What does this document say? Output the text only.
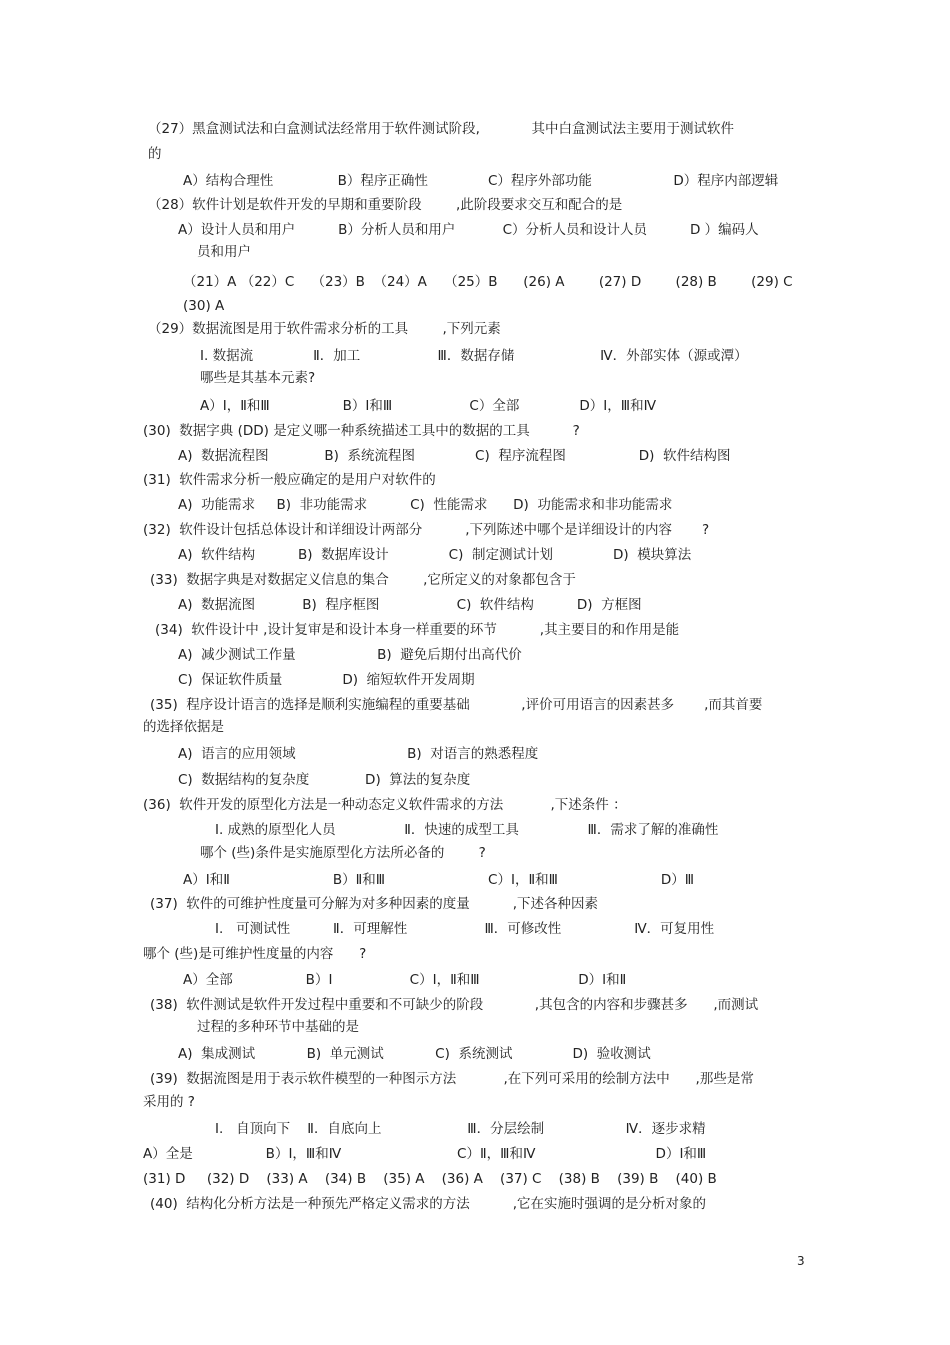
（27）黑盒测试法和白盒测试法经常用于软件测试阶段,            其中白盒测试法主要用于测试软件
的
A）结构合理性               B）程序正确性              C）程序外部功能                   D）程序内部逻辑
（28）软件计划是软件开发的早期和重要阶段        ,此阶段要求交互和配合的是
A）设计人员和用户          B）分析人员和用户           C）分析人员和设计人员          D ）编码人
员和用户
（21）A （22）C    （23）B  （24）A    （25）B      (26) A        (27) D        (28) B        (29) C
(30) A
（29）数据流图是用于软件需求分析的工具        ,下列元素
I. 数据流              Ⅱ．加工                  Ⅲ．数据存储                    Ⅳ．外部实体（源或潭）
哪些是其基本元素?
A）Ⅰ，Ⅱ和Ⅲ                 B）Ⅰ和Ⅲ                  C）全部              D）Ⅰ，Ⅲ和Ⅳ
(30)  数据字典 (DD) 是定义哪一种系统描述工具中的数据的工具          ?
A)  数据流程图             B)  系统流程图              C)  程序流程图                 D)  软件结构图
(31)  软件需求分析一般应确定的是用户对软件的
A)  功能需求     B)  非功能需求          C)  性能需求      D)  功能需求和非功能需求
(32)  软件设计包括总体设计和详细设计两部分          ,下列陈述中哪个是详细设计的内容       ?
A)  软件结构          B)  数据库设计              C)  制定测试计划              D)  模块算法
(33)  数据字典是对数据定义信息的集合        ,它所定义的对象都包含于
A)  数据流图           B)  程序框图                  C)  软件结构          D)  方框图
(34)  软件设计中 ,设计复审是和设计本身一样重要的环节          ,其主要目的和作用是能
A)  减少测试工作量                   B)  避免后期付出高代价
C)  保证软件质量              D)  缩短软件开发周期
(35)  程序设计语言的选择是顺利实施编程的重要基础            ,评价可用语言的因素甚多       ,而其首要
的选择依据是
A)  语言的应用领域                          B)  对语言的熟悉程度
C)  数据结构的复杂度             D)  算法的复杂度
(36)  软件开发的原型化方法是一种动态定义软件需求的方法           ,下述条件 ：
I. 成熟的原型化人员                Ⅱ．快速的成型工具                Ⅲ．需求了解的准确性
哪个 (些)条件是实施原型化方法所必备的        ?
A）Ⅰ和Ⅱ                        B）Ⅱ和Ⅲ                        C）Ⅰ，Ⅱ和Ⅲ                        D）Ⅲ
(37)  软件的可维护性度量可分解为对多种因素的度量          ,下述各种因素
I.   可测试性          Ⅱ．可理解性                  Ⅲ．可修改性                 Ⅳ．可复用性
哪个 (些)是可维护性度量的内容      ?
A）全部                 B）Ⅰ                  C）Ⅰ，Ⅱ和Ⅲ                       D）Ⅰ和Ⅱ
(38)  软件测试是软件开发过程中重要和不可缺少的阶段            ,其包含的内容和步骤甚多      ,而测试
过程的多种环节中基础的是
A)  集成测试            B)  单元测试            C)  系统测试              D)  验收测试
(39)  数据流图是用于表示软件模型的一种图示方法           ,在下列可采用的绘制方法中      ,那些是常
采用的 ?
I.   自顶向下    Ⅱ．自底向上                    Ⅲ．分层绘制                   Ⅳ．逐步求精
A）全是                 B）Ⅰ，Ⅲ和Ⅳ                           C）Ⅱ，Ⅲ和Ⅳ                            D）Ⅰ和Ⅲ
(31) D     (32) D    (33) A    (34) B    (35) A    (36) A    (37) C    (38) B    (39) B    (40) B
(40)  结构化分析方法是一种预先严格定义需求的方法          ,它在实施时强调的是分析对象的
3
